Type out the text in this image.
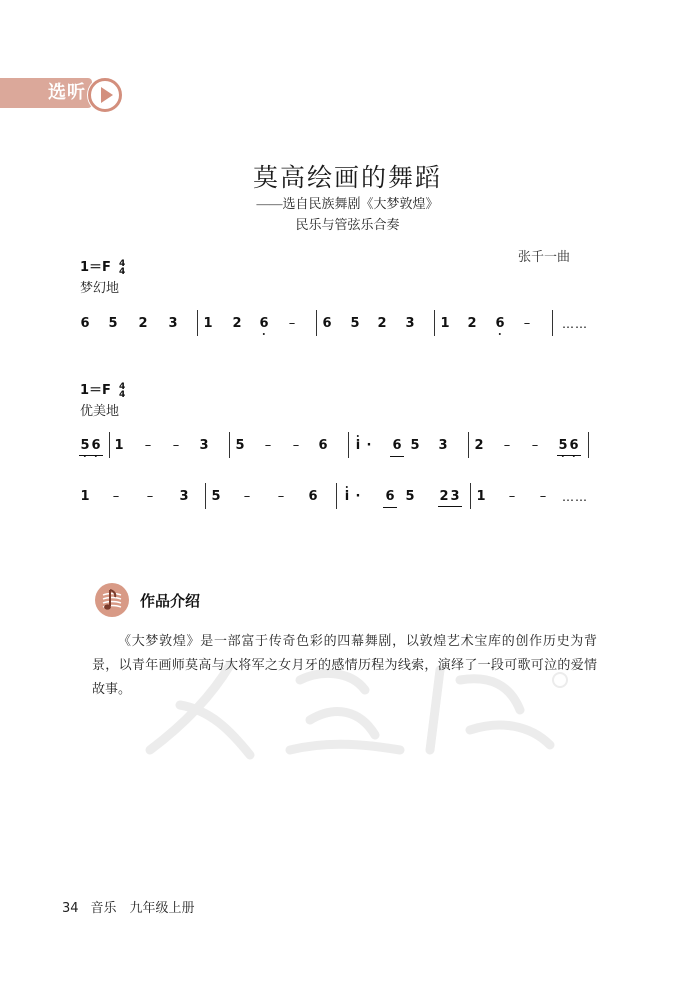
选听
莫高绘画的舞蹈
——选自民族舞剧《大梦敦煌》
民乐与管弦乐合奏
张千一曲
1＝F 4
4
梦幻地
6 5 2 3 1 2 6 – 6 5 2 3 1 2 6 –	……
1＝F 4
4
优美地
5 6 1 – – 3 5 – – 6	i ·	6 5 3 2 – – 5 6
1 – – 3 5 – – 6	i ·	6 5 2 3 1 – –	……
作品介绍
《大梦敦煌》是一部富于传奇色彩的四幕舞剧，以敦煌艺术宝库的创作历史为背景，以青年画师莫高与大将军之女月牙的感情历程为线索，演绎了一段可歌可泣的爱情故事。
34 音乐　九年级上册
